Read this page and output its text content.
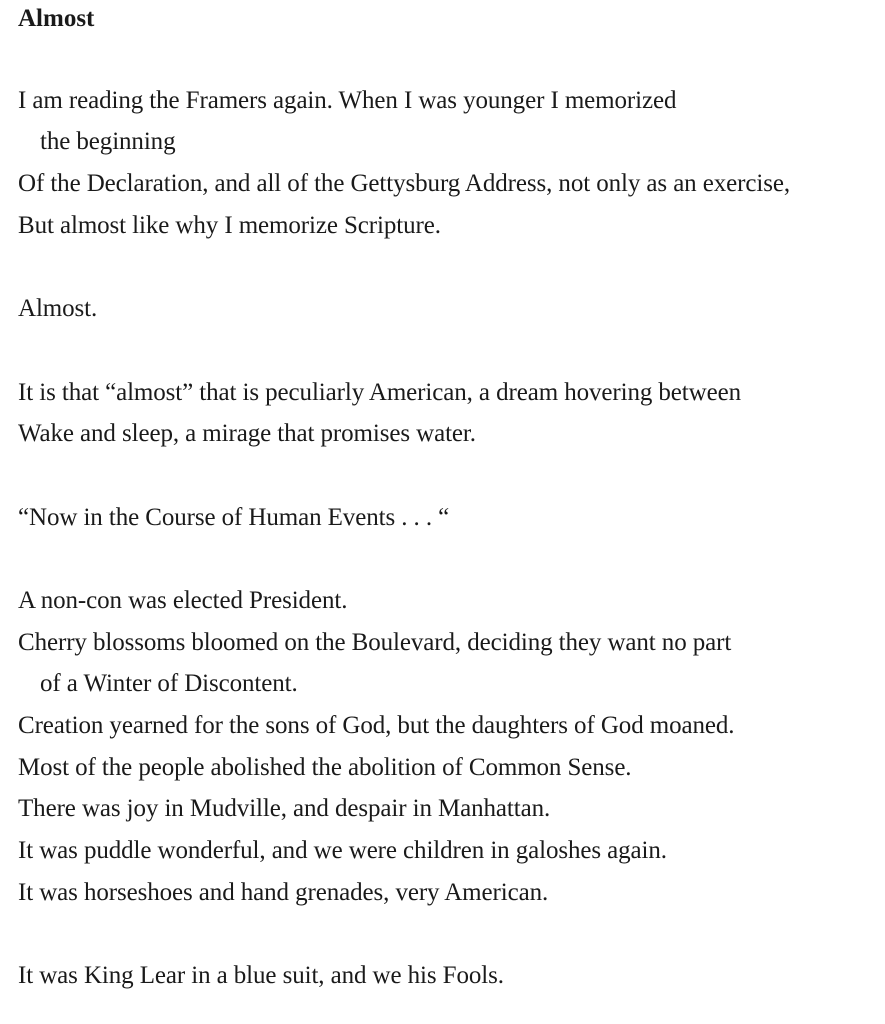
Almost
I am reading the Framers again. When I was younger I memorized
the beginning
Of the Declaration, and all of the Gettysburg Address, not only as an exercise,
But almost like why I memorize Scripture.
Almost.
It is that “almost” that is peculiarly American, a dream hovering between
Wake and sleep, a mirage that promises water.
“Now in the Course of Human Events . . . “
A non-con was elected President.
Cherry blossoms bloomed on the Boulevard, deciding they want no part
of a Winter of Discontent.
Creation yearned for the sons of God, but the daughters of God moaned.
Most of the people abolished the abolition of Common Sense.
There was joy in Mudville, and despair in Manhattan.
It was puddle wonderful, and we were children in galoshes again.
It was horseshoes and hand grenades, very American.
It was King Lear in a blue suit, and we his Fools.
